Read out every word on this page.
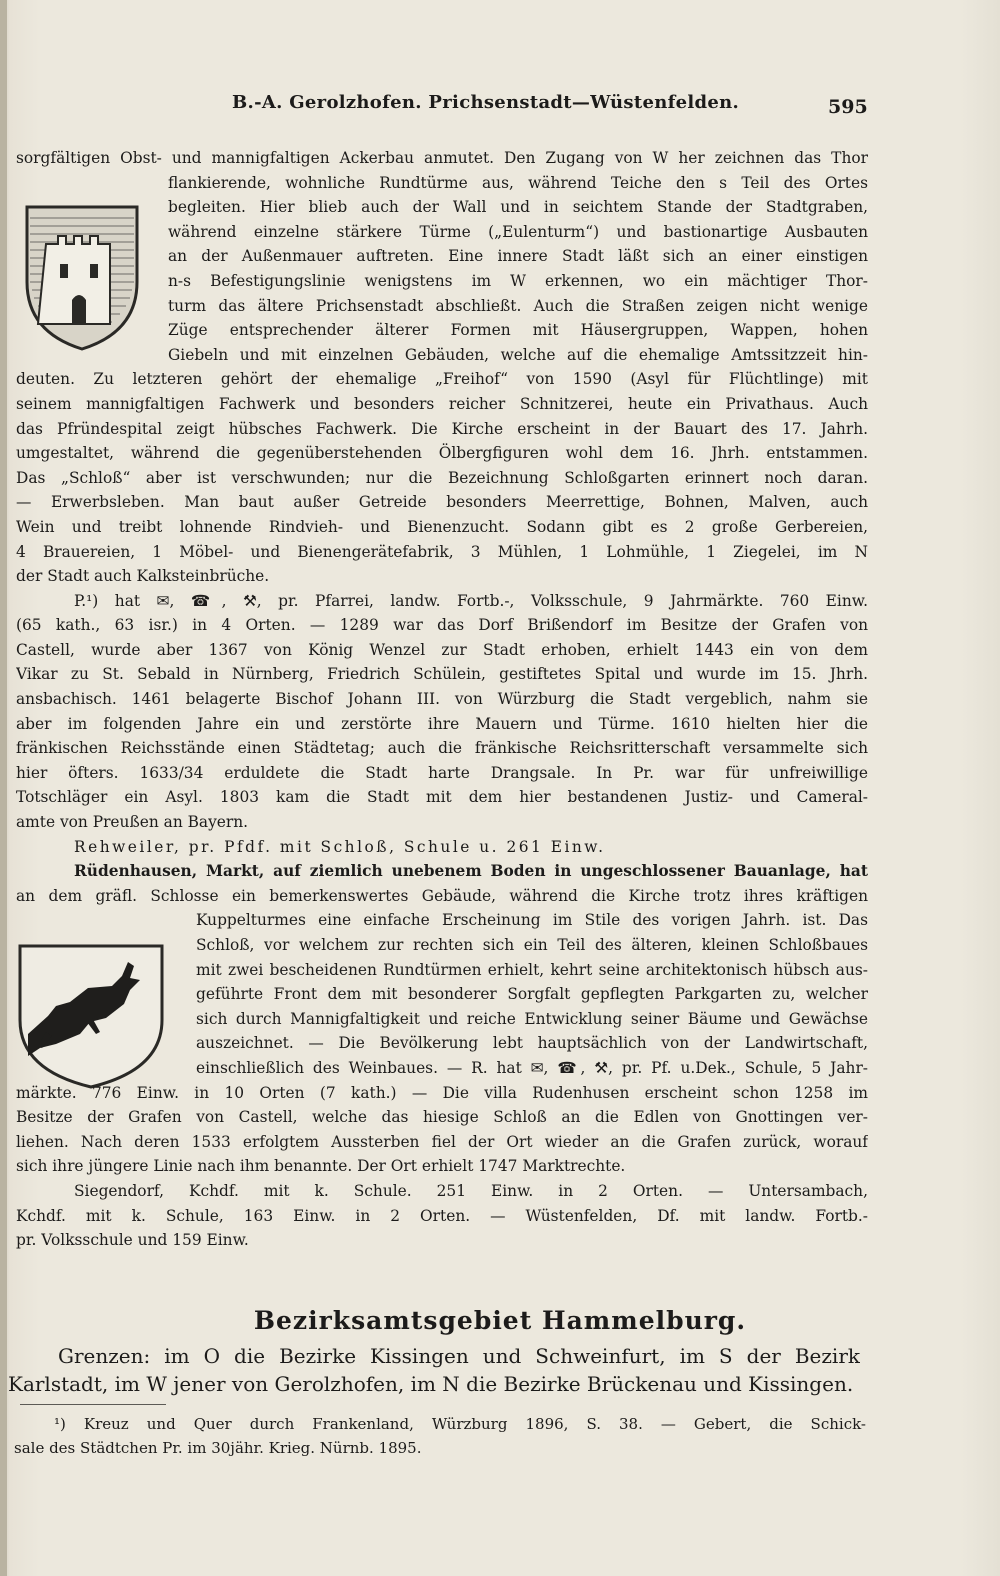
B.-A. Gerolzhofen. Prichsenstadt—Wüstenfelden.	595
sorgfältigen Obst- und mannigfaltigen Ackerbau anmutet. Den Zugang von W her zeichnen das Thor
flankierende, wohnliche Rundtürme aus, während Teiche den s Teil des Ortes
begleiten. Hier blieb auch der Wall und in seichtem Stande der Stadtgraben,
während einzelne stärkere Türme („Eulenturm“) und bastionartige Ausbauten
an der Außenmauer auftreten. Eine innere Stadt läßt sich an einer einstigen
n-s Befestigungslinie wenigstens im W erkennen, wo ein mächtiger Thor-
turm das ältere Prichsenstadt abschließt. Auch die Straßen zeigen nicht wenige
Züge entsprechender älterer Formen mit Häusergruppen, Wappen, hohen
Giebeln und mit einzelnen Gebäuden, welche auf die ehemalige Amtssitzzeit hin-
deuten. Zu letzteren gehört der ehemalige „Freihof“ von 1590 (Asyl für Flüchtlinge) mit
seinem mannigfaltigen Fachwerk und besonders reicher Schnitzerei, heute ein Privathaus. Auch
das Pfründespital zeigt hübsches Fachwerk. Die Kirche erscheint in der Bauart des 17. Jahrh.
umgestaltet, während die gegenüberstehenden Ölbergfiguren wohl dem 16. Jhrh. entstammen.
Das „Schloß“ aber ist verschwunden; nur die Bezeichnung Schloßgarten erinnert noch daran.
— Erwerbsleben. Man baut außer Getreide besonders Meerrettige, Bohnen, Malven, auch
Wein und treibt lohnende Rindvieh- und Bienenzucht. Sodann gibt es 2 große Gerbereien,
4 Brauereien, 1 Möbel- und Bienengerätefabrik, 3 Mühlen, 1 Lohmühle, 1 Ziegelei, im N
der Stadt auch Kalksteinbrüche.
P.¹) hat ✉, ☎, ⚒, pr. Pfarrei, landw. Fortb.-, Volksschule, 9 Jahrmärkte. 760 Einw.
(65 kath., 63 isr.) in 4 Orten. — 1289 war das Dorf Brißendorf im Besitze der Grafen von
Castell, wurde aber 1367 von König Wenzel zur Stadt erhoben, erhielt 1443 ein von dem
Vikar zu St. Sebald in Nürnberg, Friedrich Schülein, gestiftetes Spital und wurde im 15. Jhrh.
ansbachisch. 1461 belagerte Bischof Johann III. von Würzburg die Stadt vergeblich, nahm sie
aber im folgenden Jahre ein und zerstörte ihre Mauern und Türme. 1610 hielten hier die
fränkischen Reichsstände einen Städtetag; auch die fränkische Reichsritterschaft versammelte sich
hier öfters. 1633/34 erduldete die Stadt harte Drangsale. In Pr. war für unfreiwillige
Totschläger ein Asyl. 1803 kam die Stadt mit dem hier bestandenen Justiz- und Cameral-
amte von Preußen an Bayern.
Rehweiler, pr. Pfdf. mit Schloß, Schule u. 261 Einw.
Rüdenhausen, Markt, auf ziemlich unebenem Boden in ungeschlossener Bauanlage, hat
an dem gräfl. Schlosse ein bemerkenswertes Gebäude, während die Kirche trotz ihres kräftigen
Kuppelturmes eine einfache Erscheinung im Stile des vorigen Jahrh. ist. Das
Schloß, vor welchem zur rechten sich ein Teil des älteren, kleinen Schloßbaues
mit zwei bescheidenen Rundtürmen erhielt, kehrt seine architektonisch hübsch aus-
geführte Front dem mit besonderer Sorgfalt gepflegten Parkgarten zu, welcher
sich durch Mannigfaltigkeit und reiche Entwicklung seiner Bäume und Gewächse
auszeichnet. — Die Bevölkerung lebt hauptsächlich von der Landwirtschaft,
einschließlich des Weinbaues. — R. hat ✉, ☎, ⚒, pr. Pf. u.Dek., Schule, 5 Jahr-
märkte. 776 Einw. in 10 Orten (7 kath.) — Die villa Rudenhusen erscheint schon 1258 im
Besitze der Grafen von Castell, welche das hiesige Schloß an die Edlen von Gnottingen ver-
liehen. Nach deren 1533 erfolgtem Aussterben fiel der Ort wieder an die Grafen zurück, worauf
sich ihre jüngere Linie nach ihm benannte. Der Ort erhielt 1747 Marktrechte.
Siegendorf, Kchdf. mit k. Schule. 251 Einw. in 2 Orten. — Untersambach,
Kchdf. mit k. Schule, 163 Einw. in 2 Orten. — Wüstenfelden, Df. mit landw. Fortb.-
pr. Volksschule und 159 Einw.
Bezirksamtsgebiet Hammelburg.
Grenzen: im O die Bezirke Kissingen und Schweinfurt, im S der Bezirk
Karlstadt, im W jener von Gerolzhofen, im N die Bezirke Brückenau und Kissingen.
¹) Kreuz und Quer durch Frankenland, Würzburg 1896, S. 38. — Gebert, die Schick-
sale des Städtchen Pr. im 30jähr. Krieg. Nürnb. 1895.
